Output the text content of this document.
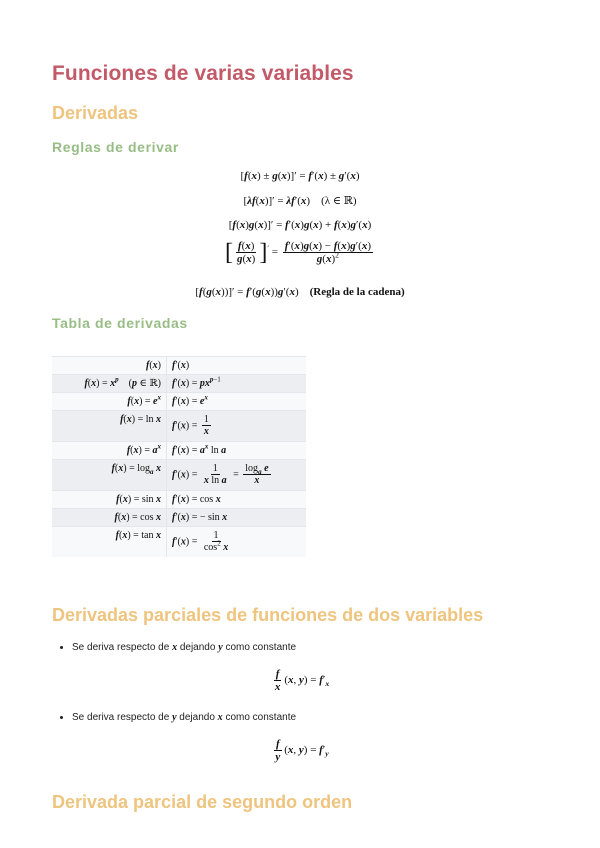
Funciones de varias variables
Derivadas
Reglas de derivar
[f(x) ± g(x)]′ = f′(x) ± g′(x)
[λf(x)]′ = λf′(x)    (λ ∈ ℝ)
[f(x)g(x)]′ = f′(x)g(x) + f(x)g′(x)
[ $\frac{f(x)}{g(x)} ]' = \frac{f'(x)g(x) - f(x)g'(x)}{g(x)^2}$
[f(g(x))]′ = f′(g(x))g′(x)    (Regla de la cadena)
Tabla de derivadas
f(x)	f′(x)
$f(x) = x^p$    (p ∈ ℝ)	$f'(x) = px^{p-1}$
$f(x) = e^x$	$f'(x) = e^x$
f(x) = ln x	$f'(x) = \frac{1}{x}$

$f(x) = a^x$	$f'(x) = a^x$ ln a
$f(x) = \log_a x$	$f'(x) = \frac{1}{\text{x ln a}} = \frac{\log_a e}{x}$

f(x) = sin x	f′(x) = cos x
f(x) = cos x	f′(x) = − sin x
f(x) = tan x	$f'(x) = \frac{1}{\cos^2 x}$
Derivadas parciales de funciones de dos variables
• Se deriva respecto de x dejando y como constante
$\frac{f}{x} (x$, $y) = f'_x$
• Se deriva respecto de y dejando x como constante
$\frac{f}{y} (x$, $y) = f'_y$
Derivada parcial de segundo orden
